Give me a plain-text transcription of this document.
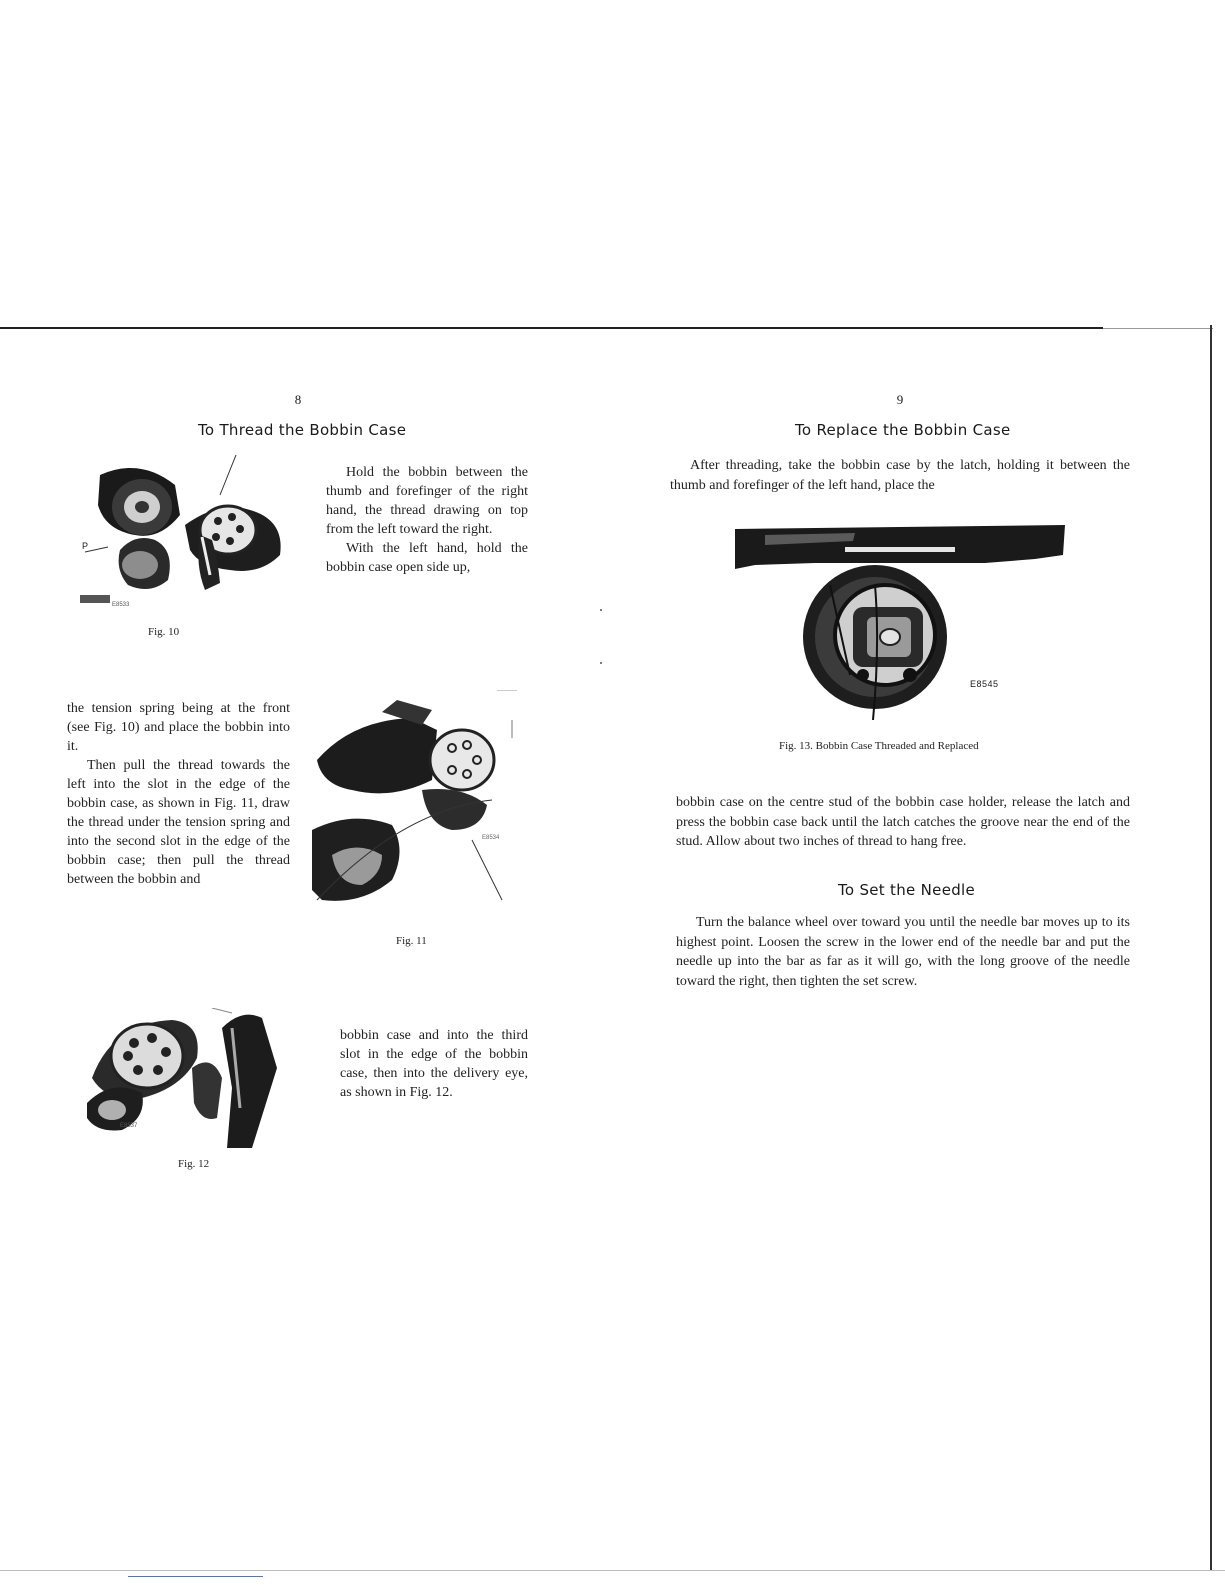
8
To Thread the Bobbin Case
P
E8533
Fig. 10

Hold the bobbin between the thumb and forefinger of the right hand, the thread drawing on top from the left toward the right.

With the left hand, hold the bobbin case open side up,

the tension spring being at the front (see Fig. 10) and place the bobbin into it.

Then pull the thread towards the left into the slot in the edge of the bobbin case, as shown in Fig. 11, draw the thread under the tension spring and into the second slot in the edge of the bobbin case; then pull the thread between the bobbin and

E8534
Fig. 11
E8537
Fig. 12

bobbin case and into the third slot in the edge of the bobbin case, then into the delivery eye, as shown in Fig. 12.

9
To Replace the Bobbin Case

After threading, take the bobbin case by the latch, holding it between the thumb and forefinger of the left hand, place the

E8545
Fig. 13. Bobbin Case Threaded and Replaced

bobbin case on the centre stud of the bobbin case holder, release the latch and press the bobbin case back until the latch catches the groove near the end of the stud. Allow about two inches of thread to hang free.

To Set the Needle

Turn the balance wheel over toward you until the needle bar moves up to its highest point. Loosen the screw in the lower end of the needle bar and put the needle up into the bar as far as it will go, with the long groove of the needle toward the right, then tighten the set screw.
